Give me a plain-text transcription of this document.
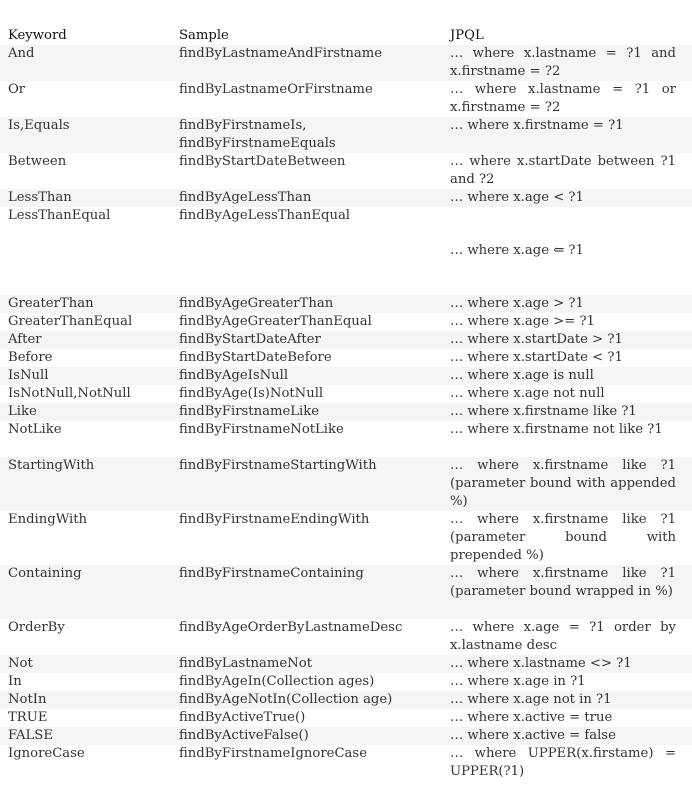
Keyword	Sample	JPQL
And	findByLastnameAndFirstname	… where x.lastname = ?1 and x.firstname = ?2
Or	findByLastnameOrFirstname	… where x.lastname = ?1 or x.firstname = ?2
Is,Equals	findByFirstnameIs, findByFirstnameEquals	… where x.firstname = ?1
Between	findByStartDateBetween	… where x.startDate between ?1 and ?2
LessThan	findByAgeLessThan	… where x.age < ?1
LessThanEqual	findByAgeLessThanEqual	… where x.age ⇐ ?1
GreaterThan	findByAgeGreaterThan	… where x.age > ?1
GreaterThanEqual	findByAgeGreaterThanEqual	… where x.age >= ?1
After	findByStartDateAfter	… where x.startDate > ?1
Before	findByStartDateBefore	… where x.startDate < ?1
IsNull	findByAgeIsNull	… where x.age is null
IsNotNull,NotNull	findByAge(Is)NotNull	… where x.age not null
Like	findByFirstnameLike	… where x.firstname like ?1
NotLike	findByFirstnameNotLike	… where x.firstname not like ?1
StartingWith	findByFirstnameStartingWith	… where x.firstname like ?1 (parameter bound with appended %)
EndingWith	findByFirstnameEndingWith	… where x.firstname like ?1 (parameter bound with prepended %)
Containing	findByFirstnameContaining	… where x.firstname like ?1 (parameter bound wrapped in %)
OrderBy	findByAgeOrderByLastnameDesc	… where x.age = ?1 order by x.lastname desc
Not	findByLastnameNot	… where x.lastname <> ?1
In	findByAgeIn(Collection ages)	… where x.age in ?1
NotIn	findByAgeNotIn(Collection age)	… where x.age not in ?1
TRUE	findByActiveTrue()	… where x.active = true
FALSE	findByActiveFalse()	… where x.active = false
IgnoreCase	findByFirstnameIgnoreCase	… where UPPER(x.firstame) = UPPER(?1)
